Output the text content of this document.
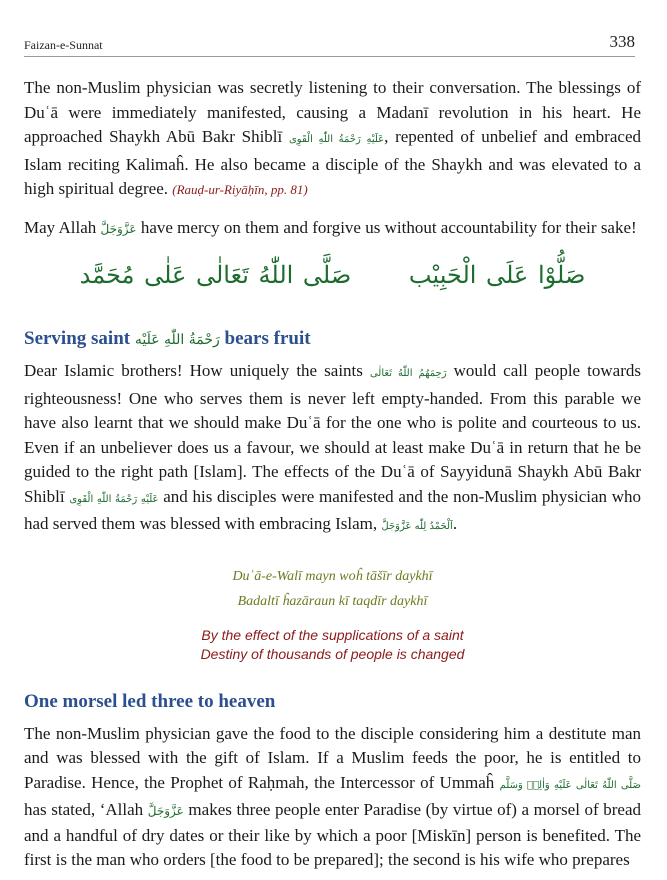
Faizan-e-Sunnat	338

The non-Muslim physician was secretly listening to their conversation. The blessings of Duʿā were immediately manifested, causing a Madanī revolution in his heart. He approached Shaykh Abū Bakr Shiblī عَلَيْهِ رَحْمَةُ اللّٰهِ الْقَوِى, repented of unbelief and embraced Islam reciting Kalimaĥ. He also became a disciple of the Shaykh and was elevated to a high spiritual degree. (Rauḍ-ur-Riyāḥīn, pp. 81)

May Allah عَزَّوَجَلَّ have mercy on them and forgive us without accountability for their sake!

صَلُّوْا عَلَى الْحَبِيْب صَلَّى اللّٰهُ تَعَالٰى عَلٰى مُحَمَّد
Serving saint رَحْمَةُ اللّٰهِ عَلَيْه bears fruit

Dear Islamic brothers! How uniquely the saints رَحِمَهُمُ اللّٰهُ تَعَالٰى would call people towards righteousness! One who serves them is never left empty-handed. From this parable we have also learnt that we should make Duʿā for the one who is polite and courteous to us. Even if an unbeliever does us a favour, we should at least make Duʿā in return that he be guided to the right path [Islam]. The effects of the Duʿā of Sayyidunā Shaykh Abū Bakr Shiblī عَلَيْهِ رَحْمَةُ اللّٰهِ الْقَوِى and his disciples were manifested and the non-Muslim physician who had served them was blessed with embracing Islam, اَلْحَمْدُ لِلّٰه عَزَّوَجَلَّ.

Duʿā-e-Walī mayn woĥ tāšīr daykhī
Badaltī ĥazāraun kī taqdīr daykhī
By the effect of the supplications of a saint
Destiny of thousands of people is changed
One morsel led three to heaven

The non-Muslim physician gave the food to the disciple considering him a destitute man and was blessed with the gift of Islam. If a Muslim feeds the poor, he is entitled to Paradise. Hence, the Prophet of Raḥmah, the Intercessor of Ummaĥ صَلَّى اللّٰهُ تَعَالٰى عَلَيْهِ وَاٰلِهٖ وَسَلَّم has stated, ‘Allah عَزَّوَجَلَّ makes three people enter Paradise (by virtue of) a morsel of bread and a handful of dry dates or their like by which a poor [Miskīn] person is benefited. The first is the man who orders [the food to be prepared]; the second is his wife who prepares
